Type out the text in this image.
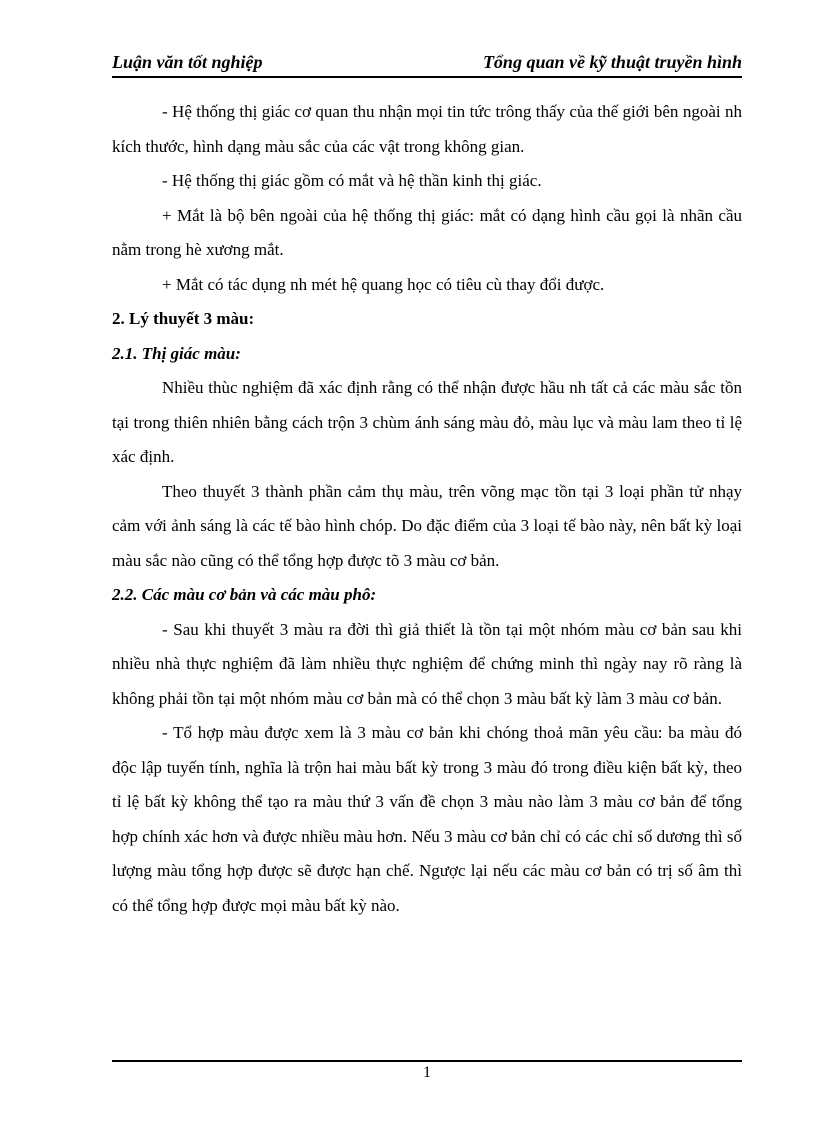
Luận văn tốt nghiệp	Tổng quan về kỹ thuật truyền hình

- Hệ thống thị giác cơ quan thu nhận mọi tin tức trông thấy của thế giới bên ngoài nh kích thước, hình dạng màu sắc của các vật trong không gian.

- Hệ thống thị giác gồm có mắt và hệ thần kinh thị giác.

+ Mắt là bộ bên ngoài của hệ thống thị giác: mắt có dạng hình cầu gọi là nhãn cầu nằm trong hè xương mắt.

+ Mắt có tác dụng nh mét hệ quang học có tiêu cù thay đổi được.

2. Lý thuyết 3 màu:

2.1. Thị giác màu:

Nhiều thùc nghiệm đã xác định rằng có thể nhận được hầu nh tất cả các màu sắc tồn tại trong thiên nhiên bằng cách trộn 3 chùm ánh sáng màu đỏ, màu lục và màu lam theo tỉ lệ xác định.

Theo thuyết 3 thành phần cảm thụ màu, trên võng mạc tồn tại 3 loại phần tử nhạy cảm với ảnh sáng là các tế bào hình chóp. Do đặc điểm của 3 loại tế bào này, nên bất kỳ loại màu sắc nào cũng có thể tổng hợp được tõ 3 màu cơ bản.

2.2. Các màu cơ bản và các màu phô:

- Sau khi thuyết 3 màu ra đời thì giả thiết là tồn tại một nhóm màu cơ bản sau khi nhiều nhà thực nghiệm đã làm nhiều thực nghiệm để chứng minh thì ngày nay rõ ràng là không phải tồn tại một nhóm màu cơ bản mà có thể chọn 3 màu bất kỳ làm 3 màu cơ bản.

- Tổ hợp màu được xem là 3 màu cơ bản khi chóng thoả mãn yêu cầu: ba màu đó độc lập tuyến tính, nghĩa là trộn hai màu bất kỳ trong 3 màu đó trong điều kiện bất kỳ, theo tỉ lệ bất kỳ không thể tạo ra màu thứ 3 vấn đề chọn 3 màu nào làm 3 màu cơ bản để tổng hợp chính xác hơn và được nhiều màu hơn. Nếu 3 màu cơ bản chỉ có các chỉ số dương thì số lượng màu tổng hợp được sẽ được hạn chế. Ngược lại nếu các màu cơ bản có trị số âm thì có thể tổng hợp được mọi màu bất kỳ nào.

1
